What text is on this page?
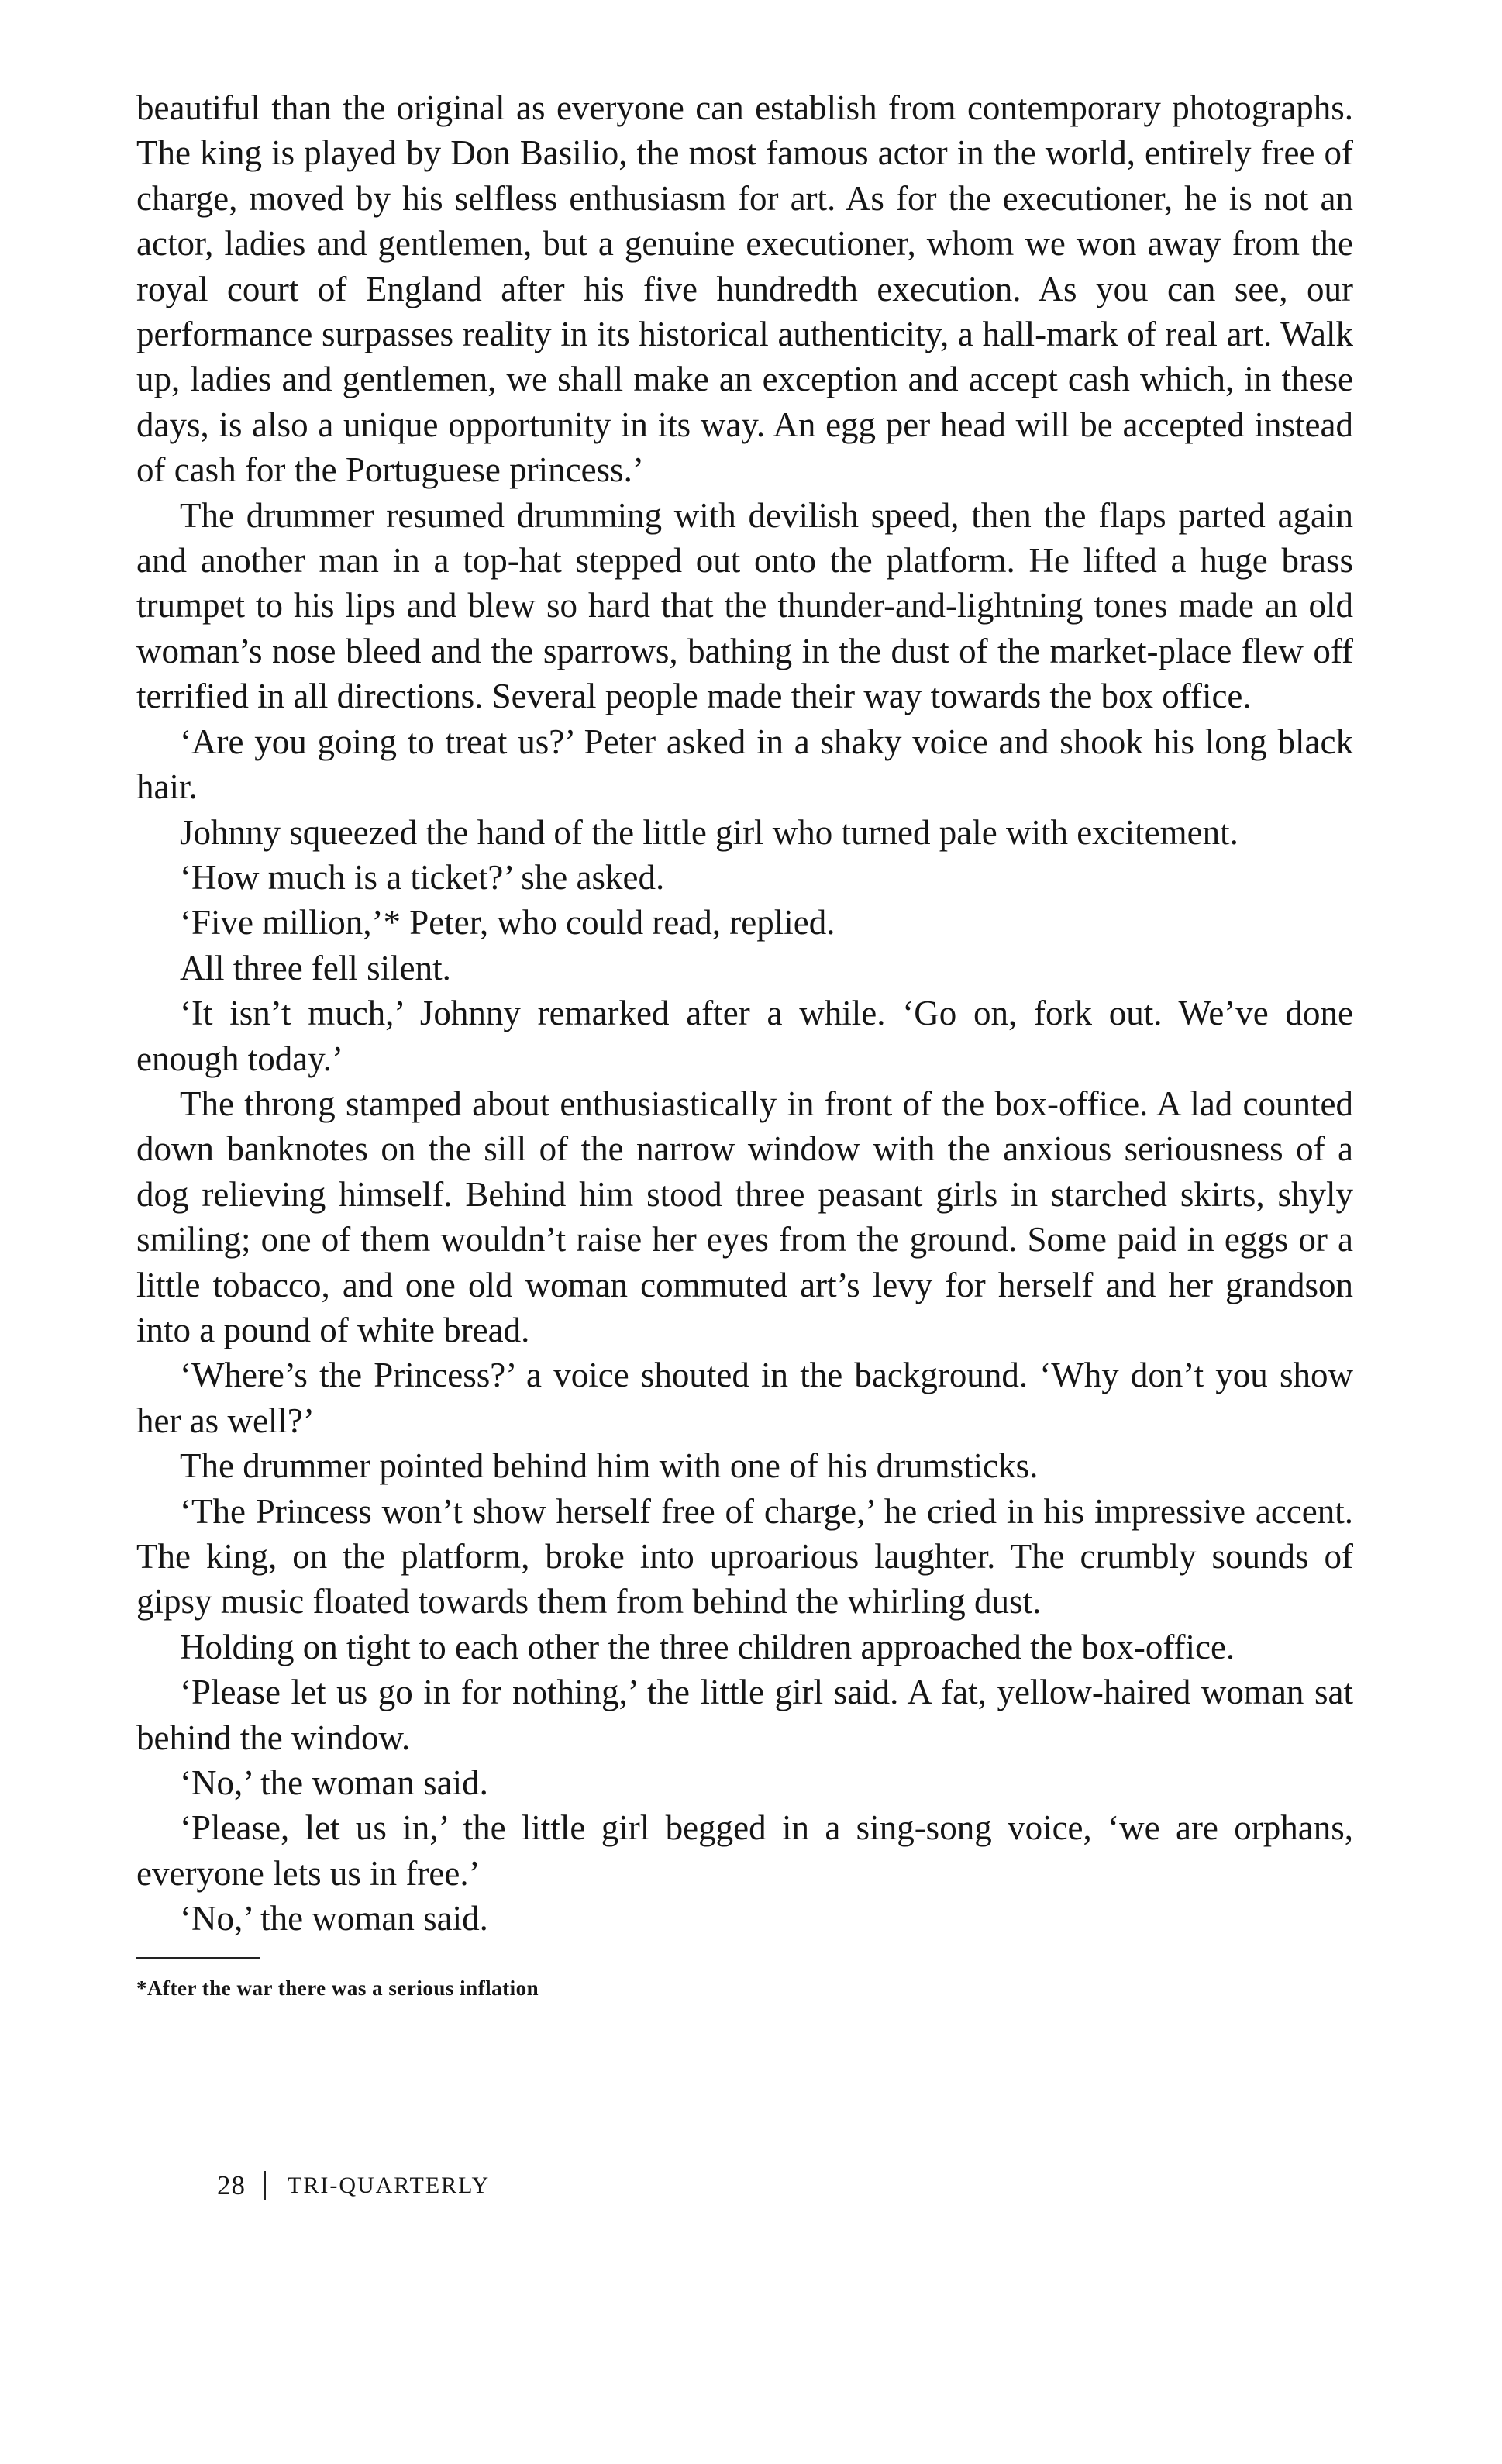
beautiful than the original as everyone can establish from contemporary photographs. The king is played by Don Basilio, the most famous actor in the world, entirely free of charge, moved by his selfless enthusiasm for art. As for the executioner, he is not an actor, ladies and gentlemen, but a genuine executioner, whom we won away from the royal court of England after his five hundredth execution. As you can see, our performance surpasses reality in its historical authenticity, a hall-mark of real art. Walk up, ladies and gentlemen, we shall make an exception and accept cash which, in these days, is also a unique opportunity in its way. An egg per head will be accepted instead of cash for the Portuguese princess.’

The drummer resumed drumming with devilish speed, then the flaps parted again and another man in a top-hat stepped out onto the platform. He lifted a huge brass trumpet to his lips and blew so hard that the thunder-and-lightning tones made an old woman’s nose bleed and the sparrows, bathing in the dust of the market-place flew off terrified in all directions. Several people made their way towards the box office.

‘Are you going to treat us?’ Peter asked in a shaky voice and shook his long black hair.

Johnny squeezed the hand of the little girl who turned pale with excitement.

‘How much is a ticket?’ she asked.

‘Five million,’* Peter, who could read, replied.

All three fell silent.

‘It isn’t much,’ Johnny remarked after a while. ‘Go on, fork out. We’ve done enough today.’

The throng stamped about enthusiastically in front of the box-office. A lad counted down banknotes on the sill of the narrow window with the anxious seriousness of a dog relieving himself. Behind him stood three peasant girls in starched skirts, shyly smiling; one of them wouldn’t raise her eyes from the ground. Some paid in eggs or a little tobacco, and one old woman commuted art’s levy for herself and her grandson into a pound of white bread.

‘Where’s the Princess?’ a voice shouted in the background. ‘Why don’t you show her as well?’

The drummer pointed behind him with one of his drumsticks.

‘The Princess won’t show herself free of charge,’ he cried in his impressive accent. The king, on the platform, broke into uproarious laughter. The crumbly sounds of gipsy music floated towards them from behind the whirling dust.

Holding on tight to each other the three children approached the box-office.

‘Please let us go in for nothing,’ the little girl said. A fat, yellow-haired woman sat behind the window.

‘No,’ the woman said.

‘Please, let us in,’ the little girl begged in a sing-song voice, ‘we are orphans, everyone lets us in free.’

‘No,’ the woman said.

*After the war there was a serious inflation

28 TRI-QUARTERLY
